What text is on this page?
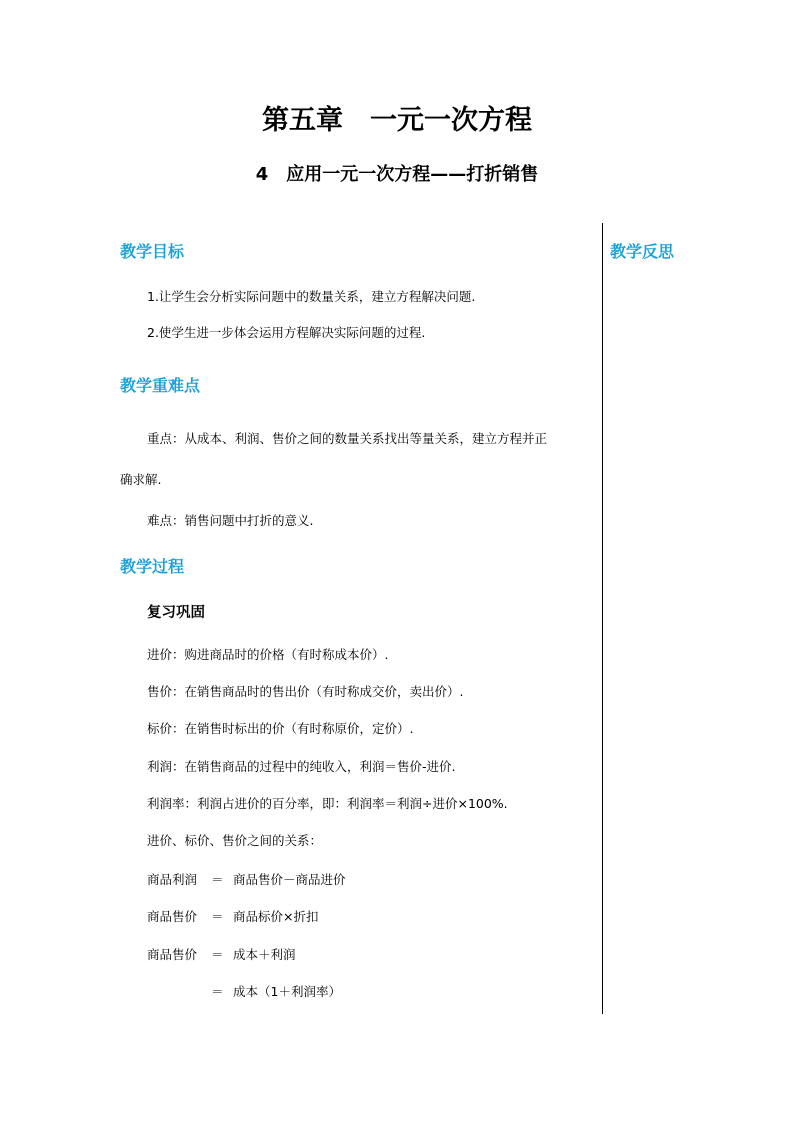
第五章　一元一次方程
4　应用一元一次方程——打折销售
教学反思
教学目标
1.让学生会分析实际问题中的数量关系，建立方程解决问题.
2.使学生进一步体会运用方程解决实际问题的过程.
教学重难点
重点：从成本、利润、售价之间的数量关系找出等量关系，建立方程并正
确求解.
难点：销售问题中打折的意义.
教学过程
复习巩固
进价：购进商品时的价格（有时称成本价）.
售价：在销售商品时的售出价（有时称成交价，卖出价）.
标价：在销售时标出的价（有时称原价，定价）.
利润：在销售商品的过程中的纯收入，利润＝售价-进价.
利润率：利润占进价的百分率，即：利润率＝利润÷进价×100%.
进价、标价、售价之间的关系：
商品利润 ＝ 商品售价－商品进价
商品售价 ＝ 商品标价×折扣
商品售价 ＝ 成本＋利润
＝ 成本（1＋利润率）
